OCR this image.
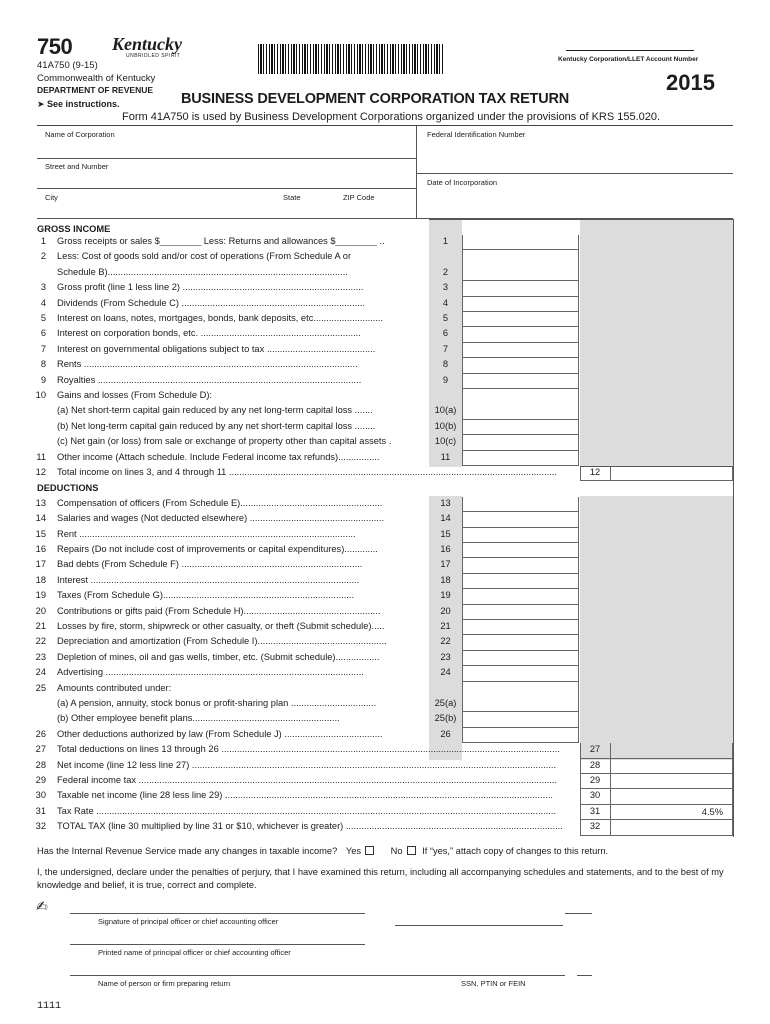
750
41A750 (9-15)
Commonwealth of Kentucky
DEPARTMENT OF REVENUE
➤ See instructions.
Kentucky
UNBRIDLED SPIRIT	Kentucky Corporation/LLET Account Number
2015
BUSINESS DEVELOPMENT CORPORATION TAX RETURN
Form 41A750 is used by Business Development Corporations organized under the provisions of KRS 155.020.
Name of Corporation	Federal Identification Number
Street and Number
Date of Incorporation
City	State	ZIP Code
GROSS INCOME
1 Gross receipts or sales $________ Less: Returns and allowances $________ ..	1
2 Less: Cost of goods sold and/or cost of operations (From Schedule A or
Schedule B).............................................................................................	2
3 Gross profit (line 1 less line 2) ......................................................................	3
4 Dividends (From Schedule C) .......................................................................	4
5 Interest on loans, notes, mortgages, bonds, bank deposits, etc...........................	5
6 Interest on corporation bonds, etc. ..............................................................	6
7 Interest on governmental obligations subject to tax ..........................................	7
8 Rents ..........................................................................................................	8
9 Royalties ......................................................................................................	9
10 Gains and losses (From Schedule D):
(a) Net short-term capital gain reduced by any net long-term capital loss .......	10(a)
(b) Net long-term capital gain reduced by any net short-term capital loss ........	10(b)
(c) Net gain (or loss) from sale or exchange of property other than capital assets .	10(c)
11 Other income (Attach schedule. Include Federal income tax refunds)................	11
12 Total income on lines 3, and 4 through 11 ...............................................................................................................................	12
DEDUCTIONS
13 Compensation of officers (From Schedule E).......................................................	13
14 Salaries and wages (Not deducted elsewhere) ....................................................	14
15 Rent ...........................................................................................................	15
16 Repairs (Do not include cost of improvements or capital expenditures).............	16
17 Bad debts (From Schedule F) ......................................................................	17
18 Interest ........................................................................................................	18
19 Taxes (From Schedule G)..........................................................................	19
20 Contributions or gifts paid (From Schedule H).....................................................	20
21 Losses by fire, storm, shipwreck or other casualty, or theft (Submit schedule).....	21
22 Depreciation and amortization (From Schedule I)..................................................	22
23 Depletion of mines, oil and gas wells, timber, etc. (Submit schedule).................	23
24 Advertising ....................................................................................................	24
25 Amounts contributed under:
(a) A pension, annuity, stock bonus or profit-sharing plan .................................	25(a)
(b) Other employee benefit plans.........................................................	25(b)
26 Other deductions authorized by law (From Schedule J) ......................................	26
27 Total deductions on lines 13 through 26 ...................................................................................................................................	27
28 Net income (line 12 less line 27) .............................................................................................................................................	28
29 Federal income tax ..................................................................................................................................................................	29
30 Taxable net income (line 28 less line 29) ...............................................................................................................................	30
31 Tax Rate ..................................................................................................................................................................................	31	4.5%
32 TOTAL TAX (line 30 multiplied by line 31 or $10, whichever is greater) ....................................................................................	32
Has the Internal Revenue Service made any changes in taxable income? Yes	No If “yes,” attach copy of changes to this return.
I, the undersigned, declare under the penalties of perjury, that I have examined this return, including all accompanying schedules and statements, and to the best of my knowledge and belief, it is true, correct and complete.
✍
Signature of principal officer or chief accounting officer
Printed name of principal officer or chief accounting officer
Name of person or firm preparing return	SSN, PTIN or FEIN
1111
